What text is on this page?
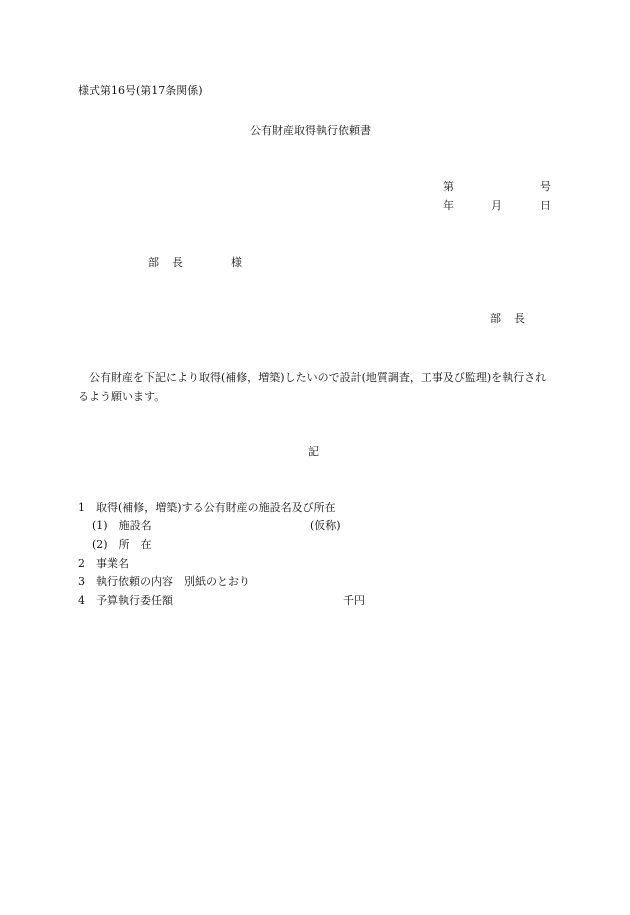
様式第16号(第17条関係)
公有財産取得執行依頼書
第	号
年	月	日
部　長	様
部　長
公有財産を下記により取得(補修，増築)したいので設計(地質調査，工事及び監理)を執行されるよう願います。
記
1　取得(補修，増築)する公有財産の施設名及び所在
(1)　施設名	(仮称)
(2)　所　在
2　事業名
3　執行依頼の内容　別紙のとおり
4　予算執行委任額	千円
